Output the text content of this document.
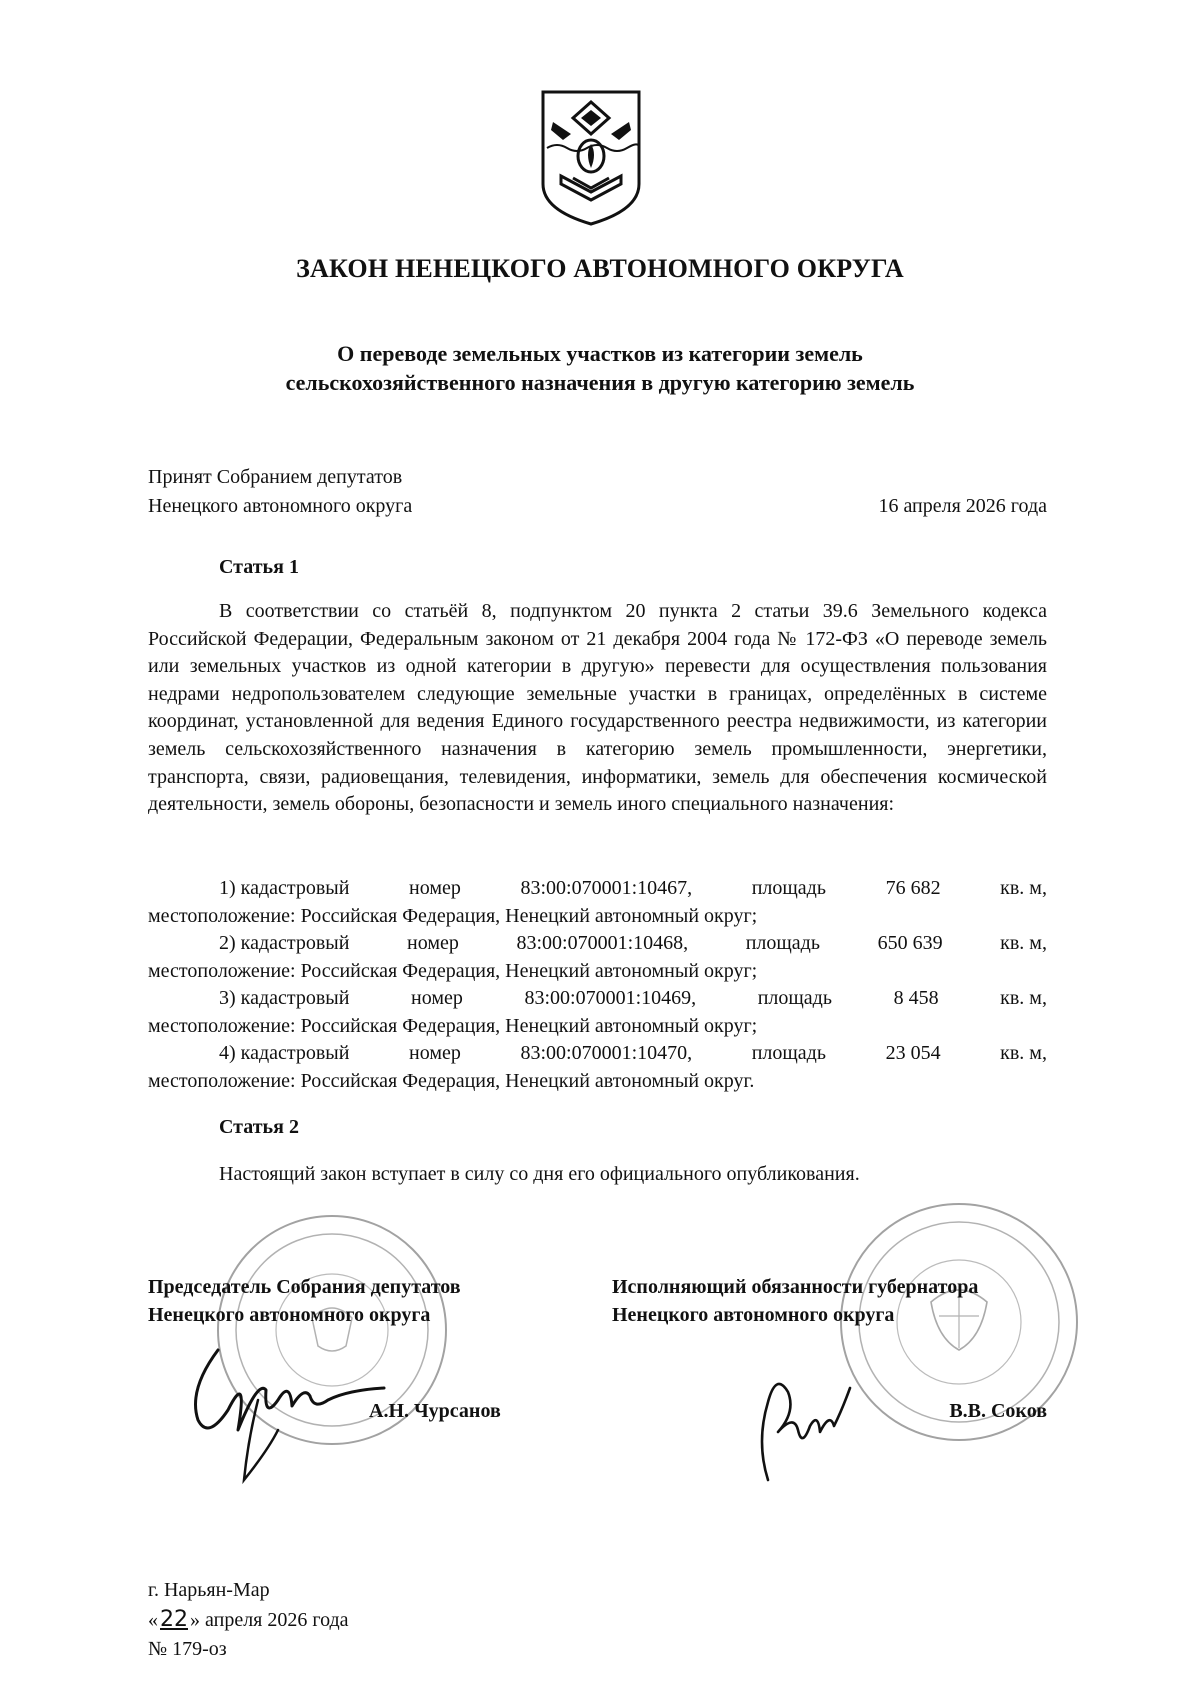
ЗАКОН НЕНЕЦКОГО АВТОНОМНОГО ОКРУГА
О переводе земельных участков из категории земель
сельскохозяйственного назначения в другую категорию земель
Принят Собранием депутатов
Ненецкого автономного округа	16 апреля 2026 года
Статья 1
В соответствии со статьёй 8, подпунктом 20 пункта 2 статьи 39.6 Земельного кодекса Российской Федерации, Федеральным законом от 21 декабря 2004 года № 172-ФЗ «О переводе земель или земельных участков из одной категории в другую» перевести для осуществления пользования недрами недропользователем следующие земельные участки в границах, определённых в системе координат, установленной для ведения Единого государственного реестра недвижимости, из категории земель сельскохозяйственного назначения в категорию земель промышленности, энергетики, транспорта, связи, радиовещания, телевидения, информатики, земель для обеспечения космической деятельности, земель обороны, безопасности и земель иного специального назначения:
1) кадастровый	номер	83:00:070001:10467,	площадь	76 682	кв. м,
местоположение: Российская Федерация, Ненецкий автономный округ;
2) кадастровый	номер	83:00:070001:10468,	площадь	650 639	кв. м,
местоположение: Российская Федерация, Ненецкий автономный округ;
3) кадастровый	номер	83:00:070001:10469,	площадь	8 458	кв. м,
местоположение: Российская Федерация, Ненецкий автономный округ;
4) кадастровый	номер	83:00:070001:10470,	площадь	23 054	кв. м,
местоположение: Российская Федерация, Ненецкий автономный округ.
Статья 2
Настоящий закон вступает в силу со дня его официального опубликования.
Председатель Собрания депутатов
Ненецкого автономного округа
Исполняющий обязанности губернатора
Ненецкого автономного округа
А.Н. Чурсанов	В.В. Соков
г. Нарьян-Мар
«22 » апреля 2026 года
№ 179-оз
